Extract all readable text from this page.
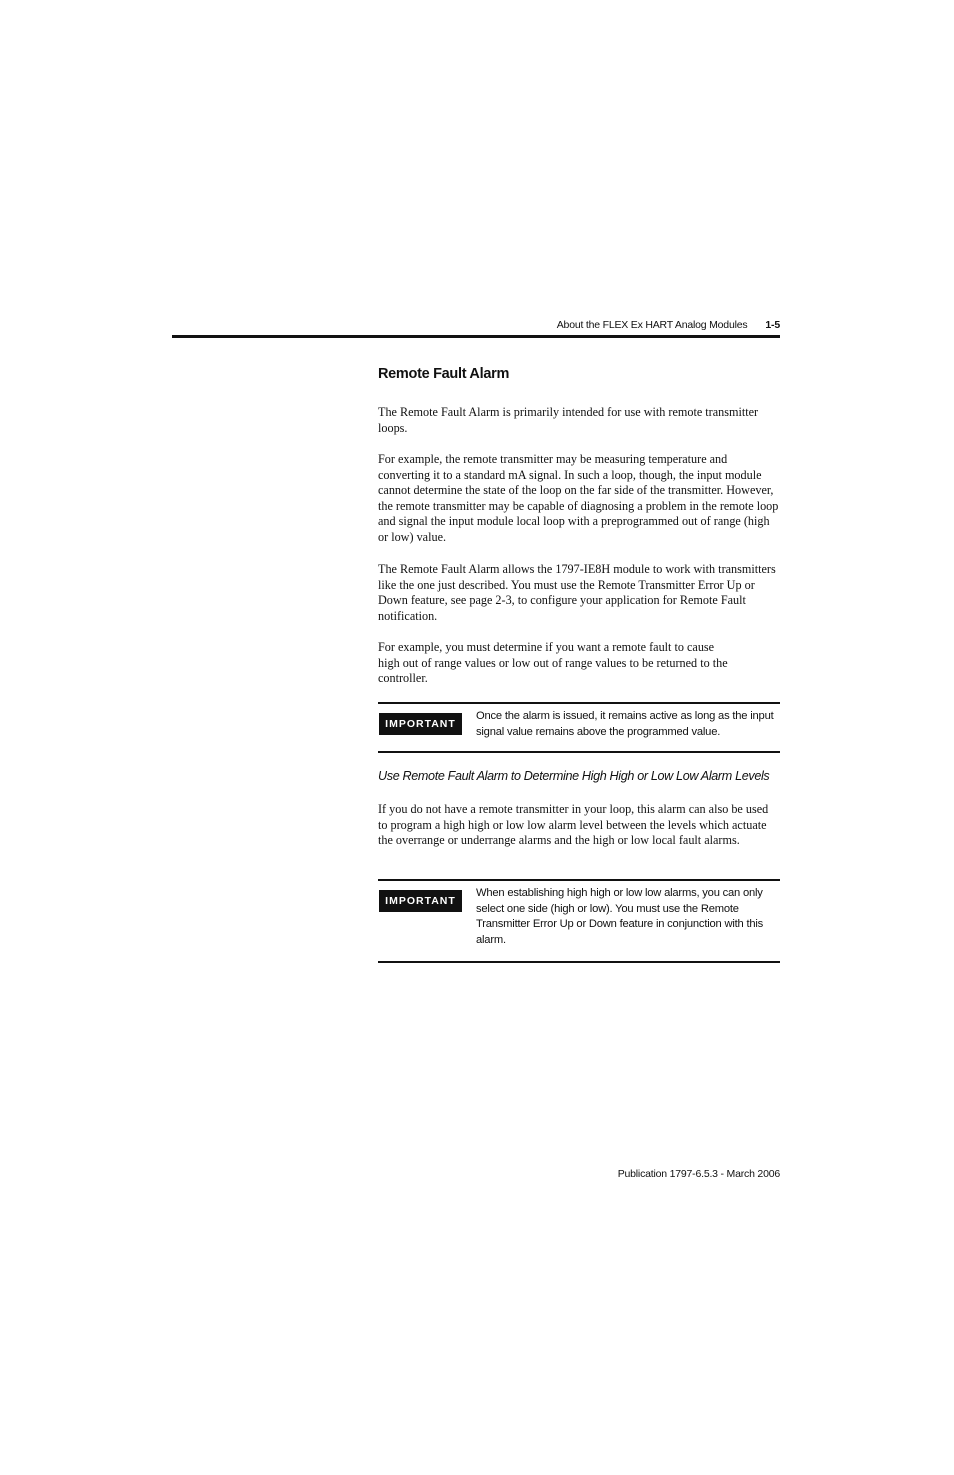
About the FLEX Ex HART Analog Modules 1-5
Remote Fault Alarm

The Remote Fault Alarm is primarily intended for use with remote transmitter loops.

For example, the remote transmitter may be measuring temperature and converting it to a standard mA signal. In such a loop, though, the input module cannot determine the state of the loop on the far side of the transmitter. However, the remote transmitter may be capable of diagnosing a problem in the remote loop and signal the input module local loop with a preprogrammed out of range (high or low) value.

The Remote Fault Alarm allows the 1797-IE8H module to work with transmitters like the one just described. You must use the Remote Transmitter Error Up or Down feature, see page 2-3, to configure your application for Remote Fault notification.

For example, you must determine if you want a remote fault to cause high out of range values or low out of range values to be returned to the controller.

IMPORTANT

Once the alarm is issued, it remains active as long as the input signal value remains above the programmed value.

Use Remote Fault Alarm to Determine High High or Low Low Alarm Levels

If you do not have a remote transmitter in your loop, this alarm can also be used to program a high high or low low alarm level between the levels which actuate the overrange or underrange alarms and the high or low local fault alarms.

IMPORTANT

When establishing high high or low low alarms, you can only select one side (high or low). You must use the Remote Transmitter Error Up or Down feature in conjunction with this alarm.

Publication 1797-6.5.3 - March 2006
